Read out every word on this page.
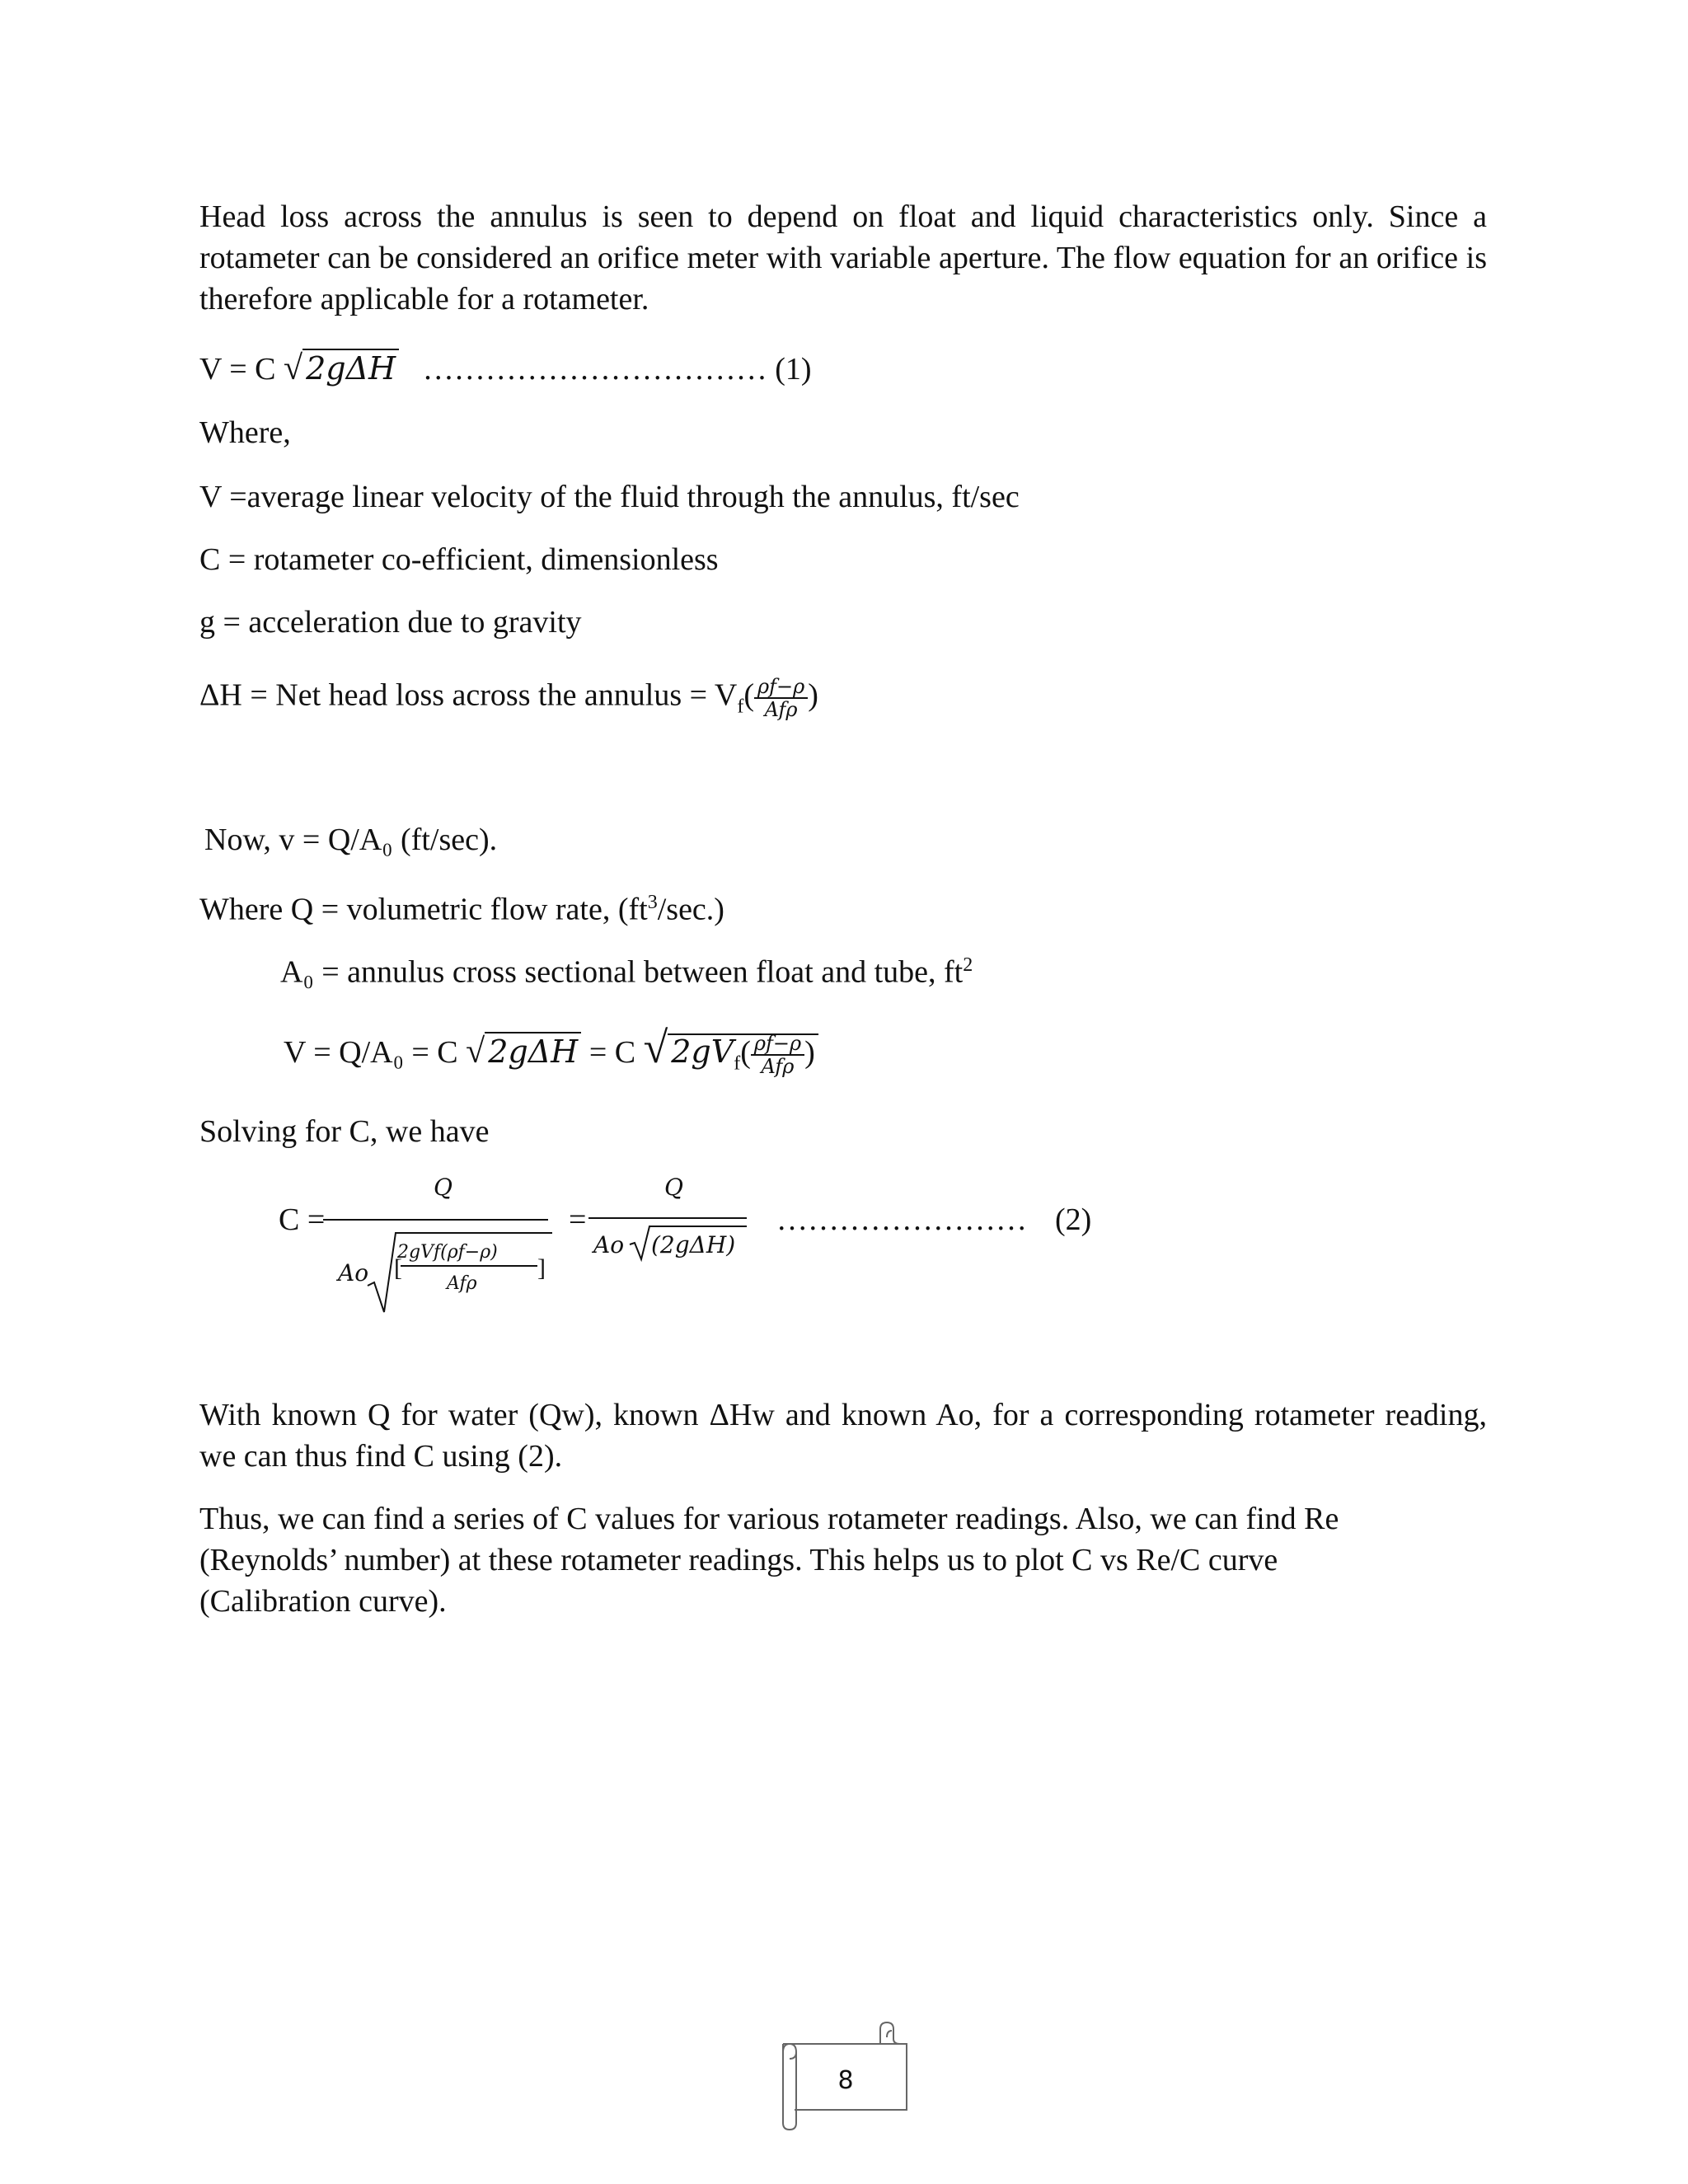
Head loss across the annulus is seen to depend on float and liquid characteristics only. Since a rotameter can be considered an orifice meter with variable aperture. The flow equation for an orifice is therefore applicable for a rotameter.
V = C √ 2gΔH …………………………… (1)
Where,
V =average linear velocity of the fluid through the annulus, ft/sec
C = rotameter co-efficient, dimensionless
g = acceleration due to gravity
ΔH = Net head loss across the annulus = $V_f( \frac{\rho f-\rho}{\text{Afρ}}$ )
Now, v = Q/A₀ (ft/sec).
Where Q = volumetric flow rate, $(ft^3/\sec.)$
A₀ = annulus cross sectional between float and tube, $ft^2$
V = Q/A₀ = C √ 2gΔH = C √ $2gV_f( \frac{\rho f-\rho}{\text{Afρ}}$ )
Solving for C, we have
C =
Q
Ao [
2gVf(ρf−ρ)
Afρ
]
=
Q
Ao (2gΔH)
…………………… (2)
With known Q for water (Qw), known ΔHw and known Ao, for a corresponding rotameter reading, we can thus find C using (2).
Thus, we can find a series of C values for various rotameter readings. Also, we can find Re (Reynolds’ number) at these rotameter readings. This helps us to plot C vs Re/C curve (Calibration curve).
8
